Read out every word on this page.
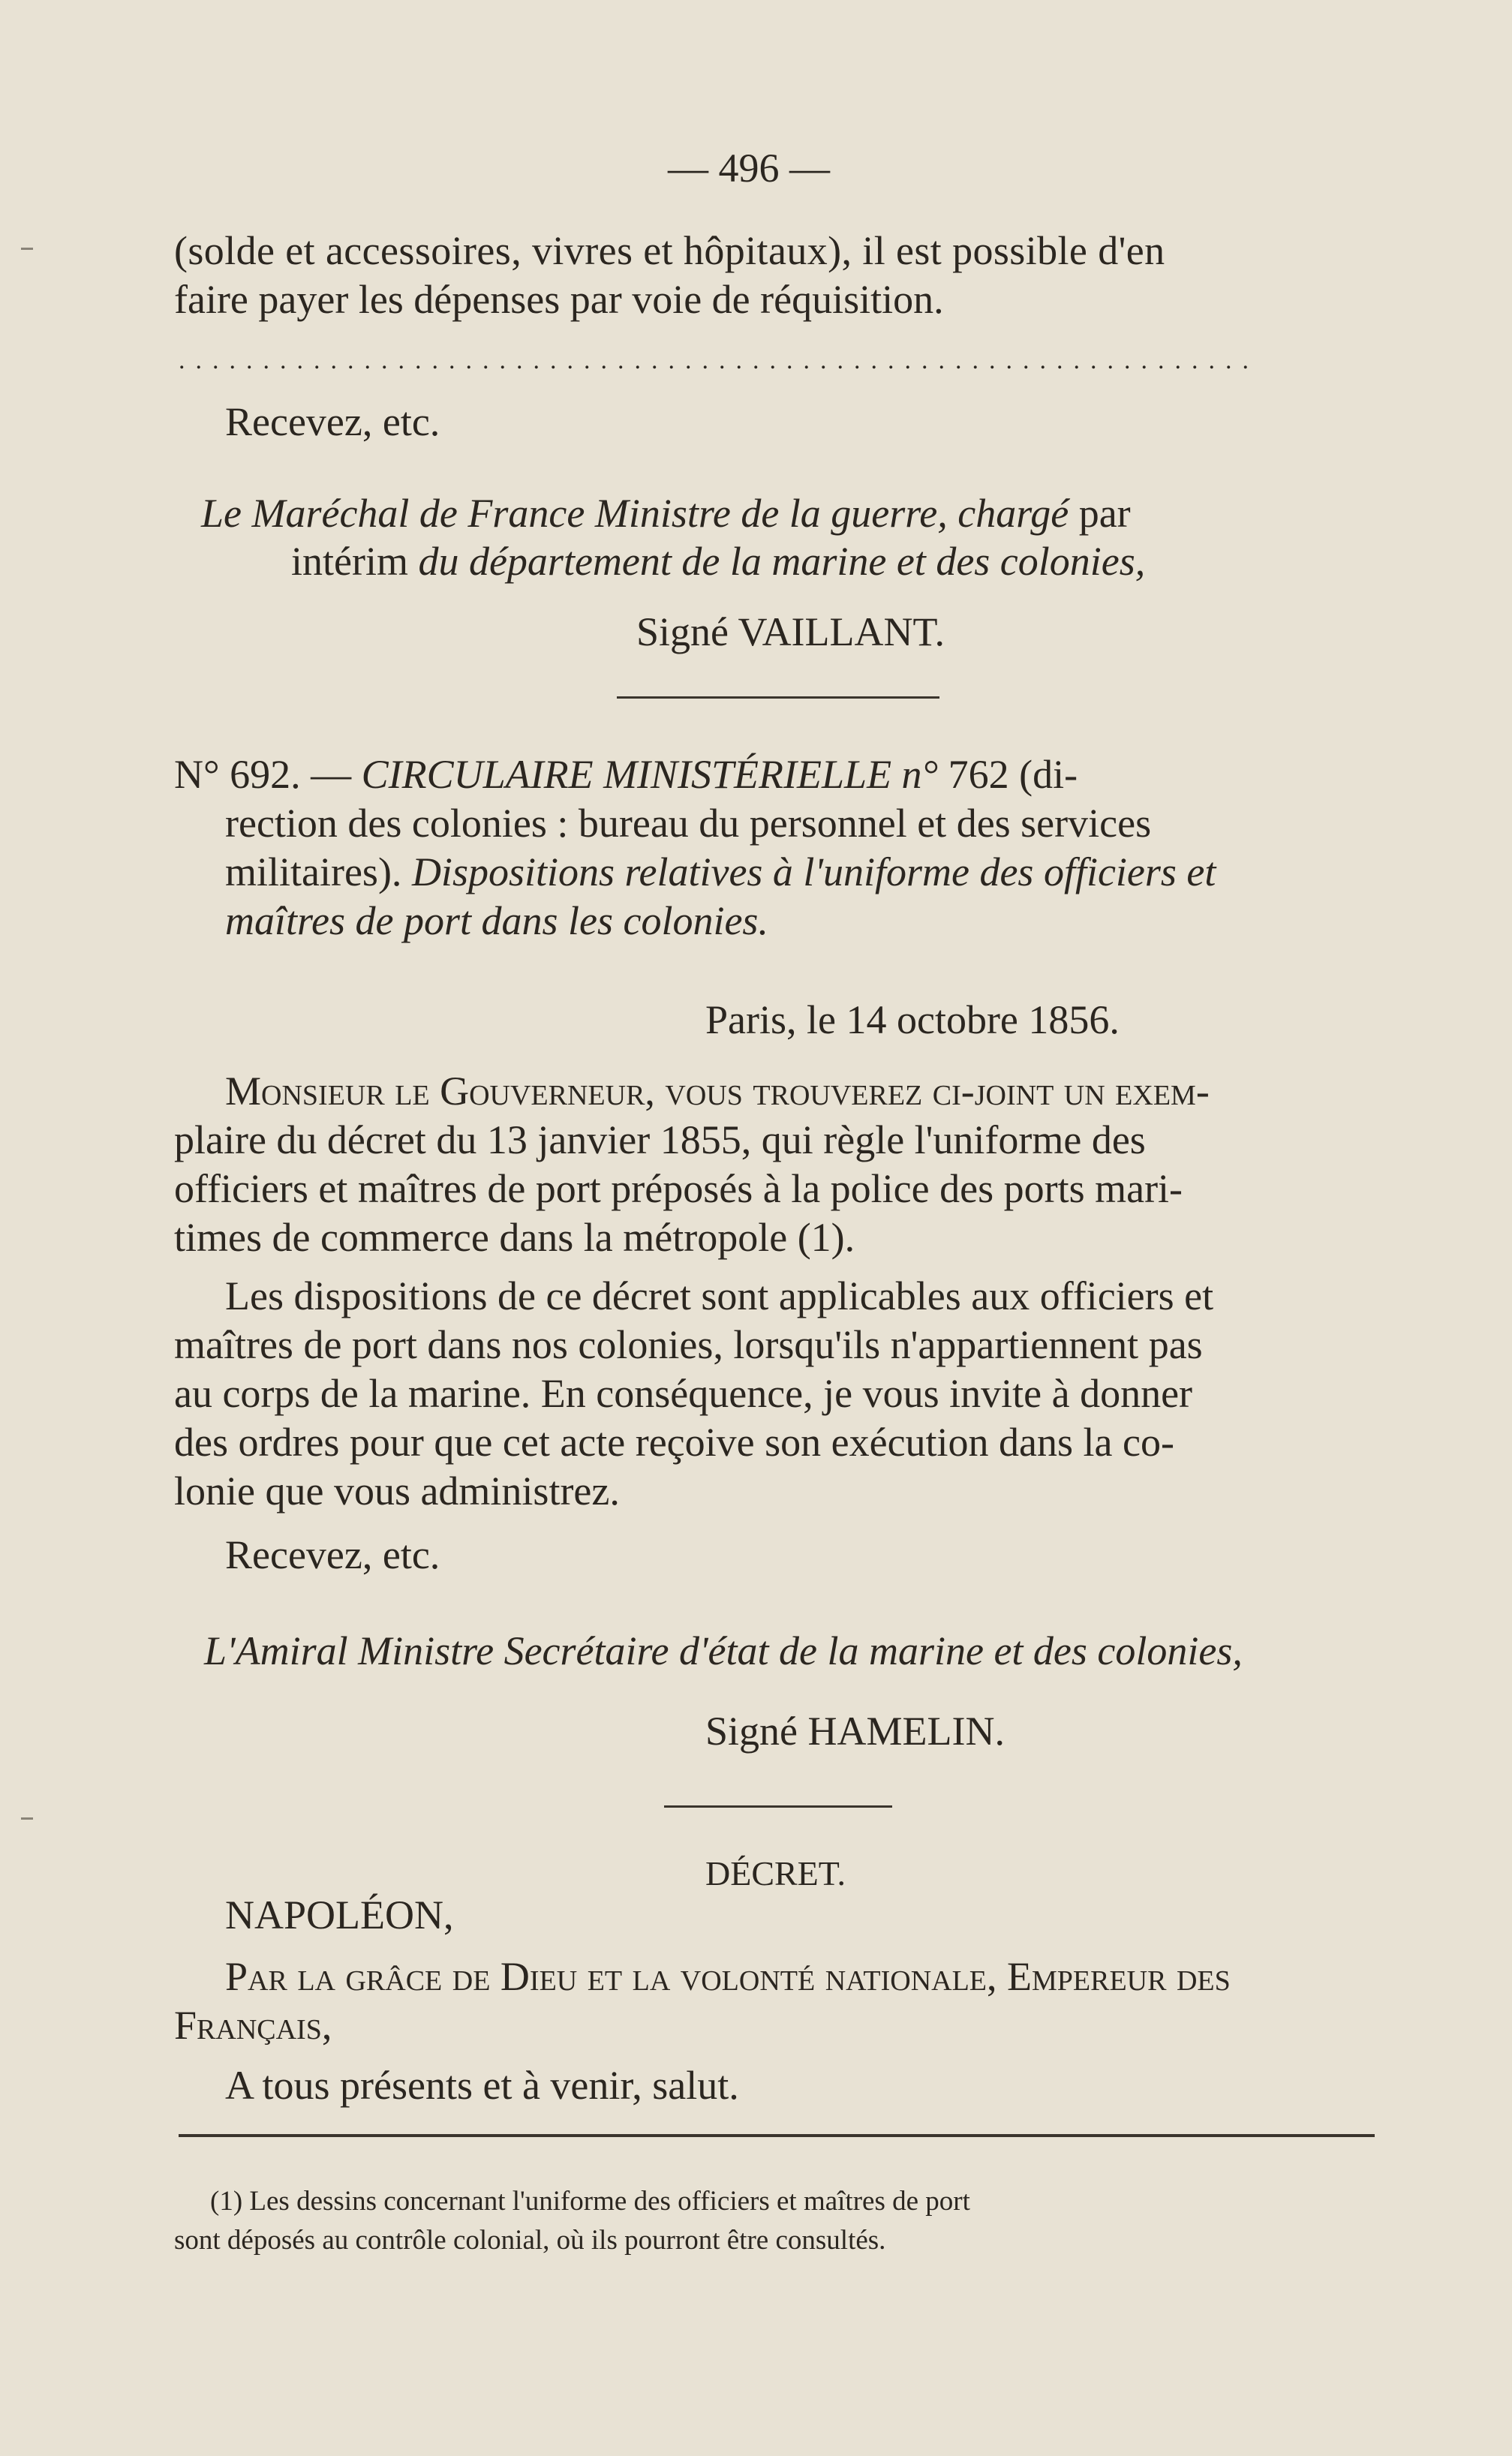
— 496 —
(solde et accessoires, vivres et hôpitaux), il est possible d'en
faire payer les dépenses par voie de réquisition.
................................................................
Recevez, etc.
Le Maréchal de France Ministre de la guerre, chargé par
intérim du département de la marine et des colonies,
Signé VAILLANT.
N° 692. — CIRCULAIRE MINISTÉRIELLE n° 762 (di-
rection des colonies : bureau du personnel et des services
militaires). Dispositions relatives à l'uniforme des officiers et
maîtres de port dans les colonies.
Paris, le 14 octobre 1856.
Monsieur le Gouverneur, vous trouverez ci-joint un exem-
plaire du décret du 13 janvier 1855, qui règle l'uniforme des
officiers et maîtres de port préposés à la police des ports mari-
times de commerce dans la métropole (1).
Les dispositions de ce décret sont applicables aux officiers et
maîtres de port dans nos colonies, lorsqu'ils n'appartiennent pas
au corps de la marine. En conséquence, je vous invite à donner
des ordres pour que cet acte reçoive son exécution dans la co-
lonie que vous administrez.
Recevez, etc.
L'Amiral Ministre Secrétaire d'état de la marine et des colonies,
Signé HAMELIN.
DÉCRET.
NAPOLÉON,
Par la grâce de Dieu et la volonté nationale, Empereur des
Français,
A tous présents et à venir, salut.
(1) Les dessins concernant l'uniforme des officiers et maîtres de port
sont déposés au contrôle colonial, où ils pourront être consultés.
